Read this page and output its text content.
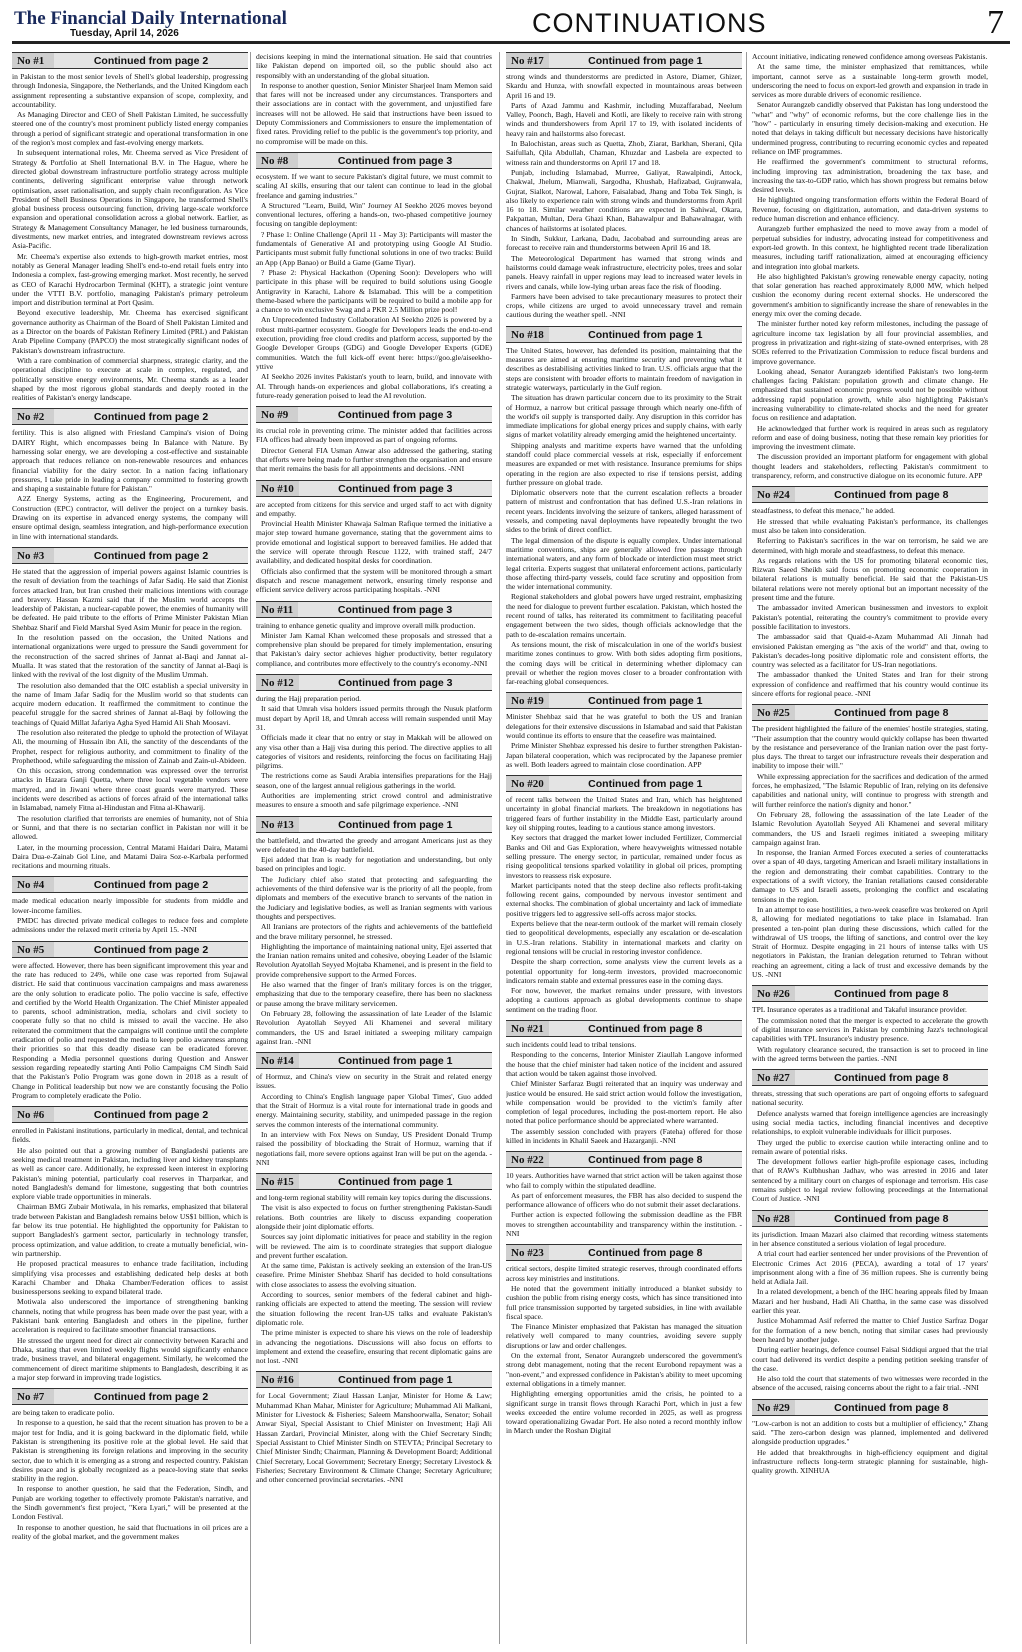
The Financial Daily International
Tuesday, April 14, 2026	CONTINUATIONS	7
No #1	Continued from page 2

in Pakistan to the most senior levels of Shell's global leadership, progressing through Indonesia, Singapore, the Netherlands, and the United Kingdom each assignment representing a substantive expansion of scope, complexity, and accountability.

As Managing Director and CEO of Shell Pakistan Limited, he successfully steered one of the country's most prominent publicly listed energy companies through a period of significant strategic and operational transformation in one of the region's most complex and fast-evolving energy markets.

In subsequent international roles, Mr. Cheema served as Vice President of Strategy & Portfolio at Shell International B.V. in The Hague, where he directed global downstream infrastructure portfolio strategy across multiple continents, delivering significant enterprise value through network optimisation, asset rationalisation, and supply chain reconfiguration. As Vice President of Shell Business Operations in Singapore, he transformed Shell's global business process outsourcing function, driving large-scale workforce expansion and operational consolidation across a global network. Earlier, as Strategy & Management Consultancy Manager, he led business turnarounds, divestments, new market entries, and integrated downstream reviews across Asia-Pacific.

Mr. Cheema's expertise also extends to high-growth market entries, most notably as General Manager leading Shell's end-to-end retail fuels entry into Indonesia a complex, fast-growing emerging market. Most recently, he served as CEO of Karachi Hydrocarbon Terminal (KHT), a strategic joint venture under the VTTI B.V. portfolio, managing Pakistan's primary petroleum import and distribution terminal at Port Qasim.

Beyond executive leadership, Mr. Cheema has exercised significant governance authority as Chairman of the Board of Shell Pakistan Limited and as a Director on the boards of Pakistan Refinery Limited (PRL) and Pakistan Arab Pipeline Company (PAPCO) the most strategically significant nodes of Pakistan's downstream infrastructure.

With a rare combination of commercial sharpness, strategic clarity, and the operational discipline to execute at scale in complex, regulated, and politically sensitive energy environments, Mr. Cheema stands as a leader shaped by the most rigorous global standards and deeply rooted in the realities of Pakistan's energy landscape.

No #2	Continued from page 2

fertility. This is also aligned with Friesland Campina's vision of Doing DAIRY Right, which encompasses being In Balance with Nature. By harnessing solar energy, we are developing a cost-effective and sustainable approach that reduces reliance on non-renewable resources and enhances financial viability for the dairy sector. In a nation facing inflationary pressures, I take pride in leading a company committed to fostering growth and shaping a sustainable future for Pakistan."

A2Z Energy Systems, acting as the Engineering, Procurement, and Construction (EPC) contractor, will deliver the project on a turnkey basis. Drawing on its expertise in advanced energy systems, the company will ensure optimal design, seamless integration, and high-performance execution in line with international standards.

No #3	Continued from page 2

He stated that the aggression of imperial powers against Islamic countries is the result of deviation from the teachings of Jafar Sadiq. He said that Zionist forces attacked Iran, but Iran crushed their malicious intentions with courage and bravery. Hassan Kazmi said that if the Muslim world accepts the leadership of Pakistan, a nuclear-capable power, the enemies of humanity will be defeated. He paid tribute to the efforts of Prime Minister Pakistan Mian Shehbaz Sharif and Field Marshal Syed Asim Munir for peace in the region.

In the resolution passed on the occasion, the United Nations and international organizations were urged to pressure the Saudi government for the reconstruction of the sacred shrines of Jannat al-Baqi and Jannat al-Mualla. It was stated that the restoration of the sanctity of Jannat al-Baqi is linked with the revival of the lost dignity of the Muslim Ummah.

The resolution also demanded that the OIC establish a special university in the name of Imam Jafar Sadiq for the Muslim world so that students can acquire modern education. It reaffirmed the commitment to continue the peaceful struggle for the sacred shrines of Jannat al-Baqi by following the teachings of Quaid Millat Jafariya Agha Syed Hamid Ali Shah Moosavi.

The resolution also reiterated the pledge to uphold the protection of Wilayat Ali, the mourning of Hussain ibn Ali, the sanctity of the descendants of the Prophet, respect for religious authority, and commitment to finality of the Prophethood, while safeguarding the mission of Zainab and Zain-ul-Abideen.

On this occasion, strong condemnation was expressed over the terrorist attacks in Hazara Ganji Quetta, where three local vegetable vendors were martyred, and in Jiwani where three coast guards were martyred. These incidents were described as actions of forces afraid of the international talks in Islamabad, namely Fitna al-Hindustan and Fitna al-Khawarij.

The resolution clarified that terrorists are enemies of humanity, not of Shia or Sunni, and that there is no sectarian conflict in Pakistan nor will it be allowed.

Later, in the mourning procession, Central Matami Haidari Daira, Matami Daira Dua-e-Zainab Gol Line, and Matami Daira Soz-e-Karbala performed recitations and mourning rituals.

No #4	Continued from page 2

made medical education nearly impossible for students from middle and lower-income families.

PMDC has directed private medical colleges to reduce fees and complete admissions under the relaxed merit criteria by April 15. -NNI

No #5	Continued from page 2

were affected. However, there has been significant improvement this year and the rate has reduced to 24%, while one case was reported from Sujawal district. He said that continuous vaccination campaigns and mass awareness are the only solution to eradicate polio. The polio vaccine is safe, effective and certified by the World Health Organization. The Chief Minister appealed to parents, school administration, media, scholars and civil society to cooperate fully so that no child is missed to avail the vaccine. He also reiterated the commitment that the campaigns will continue until the complete eradication of polio and requested the media to keep polio awareness among their priorities so that this deadly disease can be eradicated forever. Responding a Media personnel questions during Question and Answer session regarding repeatedly starting Anti Polio Campaigns CM Sindh Said that the Pakistan's Polio Program was gone down in 2018 as a result of Change in Political leadership but now we are constantly focusing the Polio Program to completely eradicate the Polio.

No #6	Continued from page 2

enrolled in Pakistani institutions, particularly in medical, dental, and technical fields.

He also pointed out that a growing number of Bangladeshi patients are seeking medical treatment in Pakistan, including liver and kidney transplants as well as cancer care. Additionally, he expressed keen interest in exploring Pakistan's mining potential, particularly coal reserves in Tharparkar, and noted Bangladesh's demand for limestone, suggesting that both countries explore viable trade opportunities in minerals.

Chairman BMG Zubair Motiwala, in his remarks, emphasized that bilateral trade between Pakistan and Bangladesh remains below US$1 billion, which is far below its true potential. He highlighted the opportunity for Pakistan to support Bangladesh's garment sector, particularly in technology transfer, process optimization, and value addition, to create a mutually beneficial, win-win partnership.

He proposed practical measures to enhance trade facilitation, including simplifying visa processes and establishing dedicated help desks at both Karachi Chamber and Dhaka Chamber/Federation offices to assist businesspersons seeking to expand bilateral trade.

Motiwala also underscored the importance of strengthening banking channels, noting that while progress has been made over the past year, with a Pakistani bank entering Bangladesh and others in the pipeline, further acceleration is required to facilitate smoother financial transactions.

He stressed the urgent need for direct air connectivity between Karachi and Dhaka, stating that even limited weekly flights would significantly enhance trade, business travel, and bilateral engagement. Similarly, he welcomed the commencement of direct maritime shipments to Bangladesh, describing it as a major step forward in improving trade logistics.

No #7	Continued from page 2

are being taken to eradicate polio.

In response to a question, he said that the recent situation has proven to be a major test for India, and it is going backward in the diplomatic field, while Pakistan is strengthening its positive role at the global level. He said that Pakistan is strengthening its foreign relations and improving in the security sector, due to which it is emerging as a strong and respected country. Pakistan desires peace and is globally recognized as a peace-loving state that seeks stability in the region.

In response to another question, he said that the Federation, Sindh, and Punjab are working together to effectively promote Pakistan's narrative, and the Sindh government's first project, "Kera Lyari," will be presented at the London Festival.

In response to another question, he said that fluctuations in oil prices are a reality of the global market, and the government makes

decisions keeping in mind the international situation. He said that countries like Pakistan depend on imported oil, so the public should also act responsibly with an understanding of the global situation.

In response to another question, Senior Minister Sharjeel Inam Memon said that fares will not be increased under any circumstances. Transporters and their associations are in contact with the government, and unjustified fare increases will not be allowed. He said that instructions have been issued to Deputy Commissioners and Commissioners to ensure the implementation of fixed rates. Providing relief to the public is the government's top priority, and no compromise will be made on this.

No #8	Continued from page 3

ecosystem. If we want to secure Pakistan's digital future, we must commit to scaling AI skills, ensuring that our talent can continue to lead in the global freelance and gaming industries."

A Structured "Learn, Build, Win" Journey AI Seekho 2026 moves beyond conventional lectures, offering a hands-on, two-phased competitive journey focusing on tangible deployment:

? Phase 1: Online Challenge (April 11 - May 3): Participants will master the fundamentals of Generative AI and prototyping using Google AI Studio. Participants must submit fully functional solutions in one of two tracks: Build an App (App Banao) or Build a Game (Game Tiyar).

? Phase 2: Physical Hackathon (Opening Soon): Developers who will participate in this phase will be required to build solutions using Google Antigravity in Karachi, Lahore & Islamabad. This will be a competition theme-based where the participants will be required to build a mobile app for a chance to win exclusive Swag and a PKR 2.5 Million prize pool!

An Unprecedented Industry Collaboration AI Seekho 2026 is powered by a robust multi-partner ecosystem. Google for Developers leads the end-to-end execution, providing free cloud credits and platform access, supported by the Google Developer Groups (GDG) and Google Developer Experts (GDE) communities. Watch the full kick-off event here: https://goo.gle/aiseekho-yttive

AI Seekho 2026 invites Pakistan's youth to learn, build, and innovate with AI. Through hands-on experiences and global collaborations, it's creating a future-ready generation poised to lead the AI revolution.

No #9	Continued from page 3

its crucial role in preventing crime. The minister added that facilities across FIA offices had already been improved as part of ongoing reforms.

Director General FIA Usman Anwar also addressed the gathering, stating that efforts were being made to further strengthen the organisation and ensure that merit remains the basis for all appointments and decisions. -NNI

No #10	Continued from page 3

are accepted from citizens for this service and urged staff to act with dignity and empathy.

Provincial Health Minister Khawaja Salman Rafique termed the initiative a major step toward humane governance, stating that the government aims to provide emotional and logistical support to bereaved families. He added that the service will operate through Rescue 1122, with trained staff, 24/7 availability, and dedicated hospital desks for coordination.

Officials also confirmed that the system will be monitored through a smart dispatch and rescue management network, ensuring timely response and efficient service delivery across participating hospitals. -NNI

No #11	Continued from page 3

training to enhance genetic quality and improve overall milk production.

Minister Jam Kamal Khan welcomed these proposals and stressed that a comprehensive plan should be prepared for timely implementation, ensuring that Pakistan's dairy sector achieves higher productivity, better regulatory compliance, and contributes more effectively to the country's economy.-NNI

No #12	Continued from page 3

during the Hajj preparation period.

It said that Umrah visa holders issued permits through the Nusuk platform must depart by April 18, and Umrah access will remain suspended until May 31.

Officials made it clear that no entry or stay in Makkah will be allowed on any visa other than a Hajj visa during this period. The directive applies to all categories of visitors and residents, reinforcing the focus on facilitating Hajj pilgrims.

The restrictions come as Saudi Arabia intensifies preparations for the Hajj season, one of the largest annual religious gatherings in the world.

Authorities are implementing strict crowd control and administrative measures to ensure a smooth and safe pilgrimage experience. -NNI

No #13	Continued from page 1

the battlefield, and thwarted the greedy and arrogant Americans just as they were defeated in the 40-day battlefield.

Ejei added that Iran is ready for negotiation and understanding, but only based on principles and logic.

The Judiciary chief also stated that protecting and safeguarding the achievements of the third defensive war is the priority of all the people, from diplomats and members of the executive branch to servants of the nation in the Judiciary and legislative bodies, as well as Iranian segments with various thoughts and perspectives.

All Iranians are protectors of the rights and achievements of the battlefield and the brave military personnel, he stressed.

Highlighting the importance of maintaining national unity, Ejei asserted that the Iranian nation remains united and cohesive, obeying Leader of the Islamic Revolution Ayatollah Seyyed Mojtaba Khamenei, and is present in the field to provide comprehensive support to the Armed Forces.

He also warned that the finger of Iran's military forces is on the trigger, emphasizing that due to the temporary ceasefire, there has been no slackness or pause among the brave military servicemen.

On February 28, following the assassination of late Leader of the Islamic Revolution Ayatollah Seyyed Ali Khamenei and several military commanders, the US and Israel initiated a sweeping military campaign against Iran. -NNI

No #14	Continued from page 1

of Hormuz, and China's view on security in the Strait and related energy issues.

According to China's English language paper 'Global Times', Guo added that the Strait of Hormuz is a vital route for international trade in goods and energy. Maintaining security, stability, and unimpeded passage in the region serves the common interests of the international community.

In an interview with Fox News on Sunday, US President Donald Trump raised the possibility of blockading the Strait of Hormuz, warning that if negotiations fail, more severe options against Iran will be put on the agenda. -NNI

No #15	Continued from page 1

and long-term regional stability will remain key topics during the discussions.

The visit is also expected to focus on further strengthening Pakistan-Saudi relations. Both countries are likely to discuss expanding cooperation alongside their joint diplomatic efforts.

Sources say joint diplomatic initiatives for peace and stability in the region will be reviewed. The aim is to coordinate strategies that support dialogue and prevent further escalation.

At the same time, Pakistan is actively seeking an extension of the Iran-US ceasefire. Prime Minister Shehbaz Sharif has decided to hold consultations with close associates to assess the evolving situation.

According to sources, senior members of the federal cabinet and high-ranking officials are expected to attend the meeting. The session will review the situation following the recent Iran-US talks and evaluate Pakistan's diplomatic role.

The prime minister is expected to share his views on the role of leadership in advancing the negotiations. Discussions will also focus on efforts to implement and extend the ceasefire, ensuring that recent diplomatic gains are not lost. -NNI

No #16	Continued from page 1

for Local Government; Ziaul Hassan Lanjar, Minister for Home & Law; Muhammad Khan Mahar, Minister for Agriculture; Muhammad Ali Malkani, Minister for Livestock & Fisheries; Saleem Manshoorwalla, Senator; Sohail Anwar Siyal, Special Assistant to Chief Minister on Investment; Haji Ali Hassan Zardari, Provincial Minister, along with the Chief Secretary Sindh; Special Assistant to Chief Minister Sindh on STEVTA; Principal Secretary to Chief Minister Sindh; Chairman, Planning & Development Board; Additional Chief Secretary, Local Government; Secretary Energy; Secretary Livestock & Fisheries; Secretary Environment & Climate Change; Secretary Agriculture; and other concerned provincial secretaries. -NNI

No #17	Continued from page 1

strong winds and thunderstorms are predicted in Astore, Diamer, Ghizer, Skardu and Hunza, with snowfall expected in mountainous areas between April 16 and 19.

Parts of Azad Jammu and Kashmir, including Muzaffarabad, Neelum Valley, Poonch, Bagh, Haveli and Kotli, are likely to receive rain with strong winds and thundershowers from April 17 to 19, with isolated incidents of heavy rain and hailstorms also forecast.

In Balochistan, areas such as Quetta, Zhob, Ziarat, Barkhan, Sherani, Qila Saifullah, Qila Abdullah, Chaman, Khuzdar and Lasbela are expected to witness rain and thunderstorms on April 17 and 18.

Punjab, including Islamabad, Murree, Galiyat, Rawalpindi, Attock, Chakwal, Jhelum, Mianwali, Sargodha, Khushab, Hafizabad, Gujranwala, Gujrat, Sialkot, Narowal, Lahore, Faisalabad, Jhang and Toba Tek Singh, is also likely to experience rain with strong winds and thunderstorms from April 16 to 18. Similar weather conditions are expected in Sahiwal, Okara, Pakpattan, Multan, Dera Ghazi Khan, Bahawalpur and Bahawalnagar, with chances of hailstorms at isolated places.

In Sindh, Sukkur, Larkana, Dadu, Jacobabad and surrounding areas are forecast to receive rain and thunderstorms between April 16 and 18.

The Meteorological Department has warned that strong winds and hailstorms could damage weak infrastructure, electricity poles, trees and solar panels. Heavy rainfall in upper regions may lead to increased water levels in rivers and canals, while low-lying urban areas face the risk of flooding.

Farmers have been advised to take precautionary measures to protect their crops, while citizens are urged to avoid unnecessary travel and remain cautious during the weather spell. -NNI

No #18	Continued from page 1

The United States, however, has defended its position, maintaining that the measures are aimed at ensuring maritime security and preventing what it describes as destabilising activities linked to Iran. U.S. officials argue that the steps are consistent with broader efforts to maintain freedom of navigation in strategic waterways, particularly in the Gulf region.

The situation has drawn particular concern due to its proximity to the Strait of Hormuz, a narrow but critical passage through which nearly one-fifth of the world's oil supply is transported daily. Any disruption in this corridor has immediate implications for global energy prices and supply chains, with early signs of market volatility already emerging amid the heightened uncertainty.

Shipping analysts and maritime experts have warned that the unfolding standoff could place commercial vessels at risk, especially if enforcement measures are expanded or met with resistance. Insurance premiums for ships operating in the region are also expected to rise if tensions persist, adding further pressure on global trade.

Diplomatic observers note that the current escalation reflects a broader pattern of mistrust and confrontation that has defined U.S.-Iran relations in recent years. Incidents involving the seizure of tankers, alleged harassment of vessels, and competing naval deployments have repeatedly brought the two sides to the brink of direct conflict.

The legal dimension of the dispute is equally complex. Under international maritime conventions, ships are generally allowed free passage through international waters, and any form of blockade or interdiction must meet strict legal criteria. Experts suggest that unilateral enforcement actions, particularly those affecting third-party vessels, could face scrutiny and opposition from the wider international community.

Regional stakeholders and global powers have urged restraint, emphasizing the need for dialogue to prevent further escalation. Pakistan, which hosted the recent round of talks, has reiterated its commitment to facilitating peaceful engagement between the two sides, though officials acknowledge that the path to de-escalation remains uncertain.

As tensions mount, the risk of miscalculation in one of the world's busiest maritime zones continues to grow. With both sides adopting firm positions, the coming days will be critical in determining whether diplomacy can prevail or whether the region moves closer to a broader confrontation with far-reaching global consequences.

No #19	Continued from page 1

Minister Shehbaz said that he was grateful to both the US and Iranian delegations for their extensive discussions in Islamabad and said that Pakistan would continue its efforts to ensure that the ceasefire was maintained.

Prime Minister Shehbaz expressed his desire to further strengthen Pakistan-Japan bilateral cooperation, which was reciprocated by the Japanese premier as well. Both leaders agreed to maintain close coordination. APP

No #20	Continued from page 1

of recent talks between the United States and Iran, which has heightened uncertainty in global financial markets. The breakdown in negotiations has triggered fears of further instability in the Middle East, particularly around key oil shipping routes, leading to a cautious stance among investors.

Key sectors that dragged the market lower included Fertilizer, Commercial Banks and Oil and Gas Exploration, where heavyweights witnessed notable selling pressure. The energy sector, in particular, remained under focus as rising geopolitical tensions sparked volatility in global oil prices, prompting investors to reassess risk exposure.

Market participants noted that the steep decline also reflects profit-taking following recent gains, compounded by nervous investor sentiment and external shocks. The combination of global uncertainty and lack of immediate positive triggers led to aggressive sell-offs across major stocks.

Experts believe that the near-term outlook of the market will remain closely tied to geopolitical developments, especially any escalation or de-escalation in U.S.-Iran relations. Stability in international markets and clarity on regional tensions will be crucial in restoring investor confidence.

Despite the sharp correction, some analysts view the current levels as a potential opportunity for long-term investors, provided macroeconomic indicators remain stable and external pressures ease in the coming days.

For now, however, the market remains under pressure, with investors adopting a cautious approach as global developments continue to shape sentiment on the trading floor.

No #21	Continued from page 8

such incidents could lead to tribal tensions.

Responding to the concerns, Interior Minister Ziaullah Langove informed the house that the chief minister had taken notice of the incident and assured that action would be taken against those involved.

Chief Minister Sarfaraz Bugti reiterated that an inquiry was underway and justice would be ensured. He said strict action would follow the investigation, while compensation would be provided to the victim's family after completion of legal procedures, including the post-mortem report. He also noted that police performance should be appreciated where warranted.

The assembly session concluded with prayers (Fateha) offered for those killed in incidents in Khalil Saeek and Hazarganji. -NNI

No #22	Continued from page 8

10 years. Authorities have warned that strict action will be taken against those who fail to comply within the stipulated deadline.

As part of enforcement measures, the FBR has also decided to suspend the performance allowance of officers who do not submit their asset declarations.

Further action is expected following the submission deadline as the FBR moves to strengthen accountability and transparency within the institution. -NNI

No #23	Continued from page 8

critical sectors, despite limited strategic reserves, through coordinated efforts across key ministries and institutions.

He noted that the government initially introduced a blanket subsidy to cushion the public from rising energy costs, which has since transitioned into full price transmission supported by targeted subsidies, in line with available fiscal space.

The Finance Minister emphasized that Pakistan has managed the situation relatively well compared to many countries, avoiding severe supply disruptions or law and order challenges.

On the external front, Senator Aurangzeb underscored the government's strong debt management, noting that the recent Eurobond repayment was a "non-event," and expressed confidence in Pakistan's ability to meet upcoming external obligations in a timely manner.

Highlighting emerging opportunities amid the crisis, he pointed to a significant surge in transit flows through Karachi Port, which in just a few weeks exceeded the entire volume recorded in 2025, as well as progress toward operationalizing Gwadar Port. He also noted a record monthly inflow in March under the Roshan Digital

Account initiative, indicating renewed confidence among overseas Pakistanis.

At the same time, the minister emphasized that remittances, while important, cannot serve as a sustainable long-term growth model, underscoring the need to focus on export-led growth and expansion in trade in services as more durable drivers of economic resilience.

Senator Aurangzeb candidly observed that Pakistan has long understood the "what" and "why" of economic reforms, but the core challenge lies in the "how" - particularly in ensuring timely decision-making and execution. He noted that delays in taking difficult but necessary decisions have historically undermined progress, contributing to recurring economic cycles and repeated reliance on IMF programmes.

He reaffirmed the government's commitment to structural reforms, including improving tax administration, broadening the tax base, and increasing the tax-to-GDP ratio, which has shown progress but remains below desired levels.

He highlighted ongoing transformation efforts within the Federal Board of Revenue, focusing on digitization, automation, and data-driven systems to reduce human discretion and enhance efficiency.

Aurangzeb further emphasized the need to move away from a model of perpetual subsidies for industry, advocating instead for competitiveness and export-led growth. In this context, he highlighted recent trade liberalization measures, including tariff rationalization, aimed at encouraging efficiency and integration into global markets.

He also highlighted Pakistan's growing renewable energy capacity, noting that solar generation has reached approximately 8,000 MW, which helped cushion the economy during recent external shocks. He underscored the government's ambition to significantly increase the share of renewables in the energy mix over the coming decade.

The minister further noted key reform milestones, including the passage of agriculture income tax legislation by all four provincial assemblies, and progress in privatization and right-sizing of state-owned enterprises, with 28 SOEs referred to the Privatization Commission to reduce fiscal burdens and improve governance.

Looking ahead, Senator Aurangzeb identified Pakistan's two long-term challenges facing Pakistan: population growth and climate change. He emphasized that sustained economic progress would not be possible without addressing rapid population growth, while also highlighting Pakistan's increasing vulnerability to climate-related shocks and the need for greater focus on resilience and adaptation.

He acknowledged that further work is required in areas such as regulatory reform and ease of doing business, noting that these remain key priorities for improving the investment climate.

The discussion provided an important platform for engagement with global thought leaders and stakeholders, reflecting Pakistan's commitment to transparency, reform, and constructive dialogue on its economic future. APP

No #24	Continued from page 8

steadfastness, to defeat this menace," he added.

He stressed that while evaluating Pakistan's performance, its challenges must also be taken into consideration.

Referring to Pakistan's sacrifices in the war on terrorism, he said we are determined, with high morale and steadfastness, to defeat this menace.

As regards relations with the US for promoting bilateral economic ties, Rizwan Saeed Sheikh said focus on promoting economic cooperation in bilateral relations is mutually beneficial. He said that the Pakistan-US bilateral relations were not merely optional but an important necessity of the present time and the future.

The ambassador invited American businessmen and investors to exploit Pakistan's potential, reiterating the country's commitment to provide every possible facilitation to investors.

The ambassador said that Quaid-e-Azam Muhammad Ali Jinnah had envisioned Pakistan emerging as "the axis of the world" and that, owing to Pakistan's decades-long positive diplomatic role and consistent efforts, the country was selected as a facilitator for US-Iran negotiations.

The ambassador thanked the United States and Iran for their strong expression of confidence and reaffirmed that his country would continue its sincere efforts for regional peace. -NNI

No #25	Continued from page 8

The president highlighted the failure of the enemies' hostile strategies, stating, "Their assumption that the country would quickly collapse has been thwarted by the resistance and perseverance of the Iranian nation over the past forty-plus days. The threat to target our infrastructure reveals their desperation and inability to impose their will."

While expressing appreciation for the sacrifices and dedication of the armed forces, he emphasized, "The Islamic Republic of Iran, relying on its defensive capabilities and national unity, will continue to progress with strength and will further reinforce the nation's dignity and honor."

On February 28, following the assassination of the late Leader of the Islamic Revolution Ayatollah Seyyed Ali Khamenei and several military commanders, the US and Israeli regimes initiated a sweeping military campaign against Iran.

In response, the Iranian Armed Forces executed a series of counterattacks over a span of 40 days, targeting American and Israeli military installations in the region and demonstrating their combat capabilities. Contrary to the expectations of a swift victory, the Iranian retaliations caused considerable damage to US and Israeli assets, prolonging the conflict and escalating tensions in the region.

In an attempt to ease hostilities, a two-week ceasefire was brokered on April 8, allowing for mediated negotiations to take place in Islamabad. Iran presented a ten-point plan during these discussions, which called for the withdrawal of US troops, the lifting of sanctions, and control over the key Strait of Hormuz. Despite engaging in 21 hours of intense talks with US negotiators in Pakistan, the Iranian delegation returned to Tehran without reaching an agreement, citing a lack of trust and excessive demands by the US. -NNI

No #26	Continued from page 8

TPL Insurance operates as a traditional and Takaful insurance provider.

The commission noted that the merger is expected to accelerate the growth of digital insurance services in Pakistan by combining Jazz's technological capabilities with TPL Insurance's industry presence.

With regulatory clearance secured, the transaction is set to proceed in line with the agreed terms between the parties. -NNI

No #27	Continued from page 8

threats, stressing that such operations are part of ongoing efforts to safeguard national security.

Defence analysts warned that foreign intelligence agencies are increasingly using social media tactics, including financial incentives and deceptive relationships, to exploit vulnerable individuals for illicit purposes.

They urged the public to exercise caution while interacting online and to remain aware of potential risks.

The development follows earlier high-profile espionage cases, including that of RAW's Kulbhushan Jadhav, who was arrested in 2016 and later sentenced by a military court on charges of espionage and terrorism. His case remains subject to legal review following proceedings at the International Court of Justice. -NNI

No #28	Continued from page 8

its jurisdiction. Imaan Mazari also claimed that recording witness statements in her absence constituted a serious violation of legal procedure.

A trial court had earlier sentenced her under provisions of the Prevention of Electronic Crimes Act 2016 (PECA), awarding a total of 17 years' imprisonment along with a fine of 36 million rupees. She is currently being held at Adiala Jail.

In a related development, a bench of the IHC hearing appeals filed by Imaan Mazari and her husband, Hadi Ali Chattha, in the same case was dissolved earlier this year.

Justice Mohammad Asif referred the matter to Chief Justice Sarfraz Dogar for the formation of a new bench, noting that similar cases had previously been heard by another judge.

During earlier hearings, defence counsel Faisal Siddiqui argued that the trial court had delivered its verdict despite a pending petition seeking transfer of the case.

He also told the court that statements of two witnesses were recorded in the absence of the accused, raising concerns about the right to a fair trial. -NNI

No #29	Continued from page 8

"Low-carbon is not an addition to costs but a multiplier of efficiency," Zhang said. "The zero-carbon design was planned, implemented and delivered alongside production upgrades."

He added that breakthroughs in high-efficiency equipment and digital infrastructure reflects long-term strategic planning for sustainable, high-quality growth. XINHUA
